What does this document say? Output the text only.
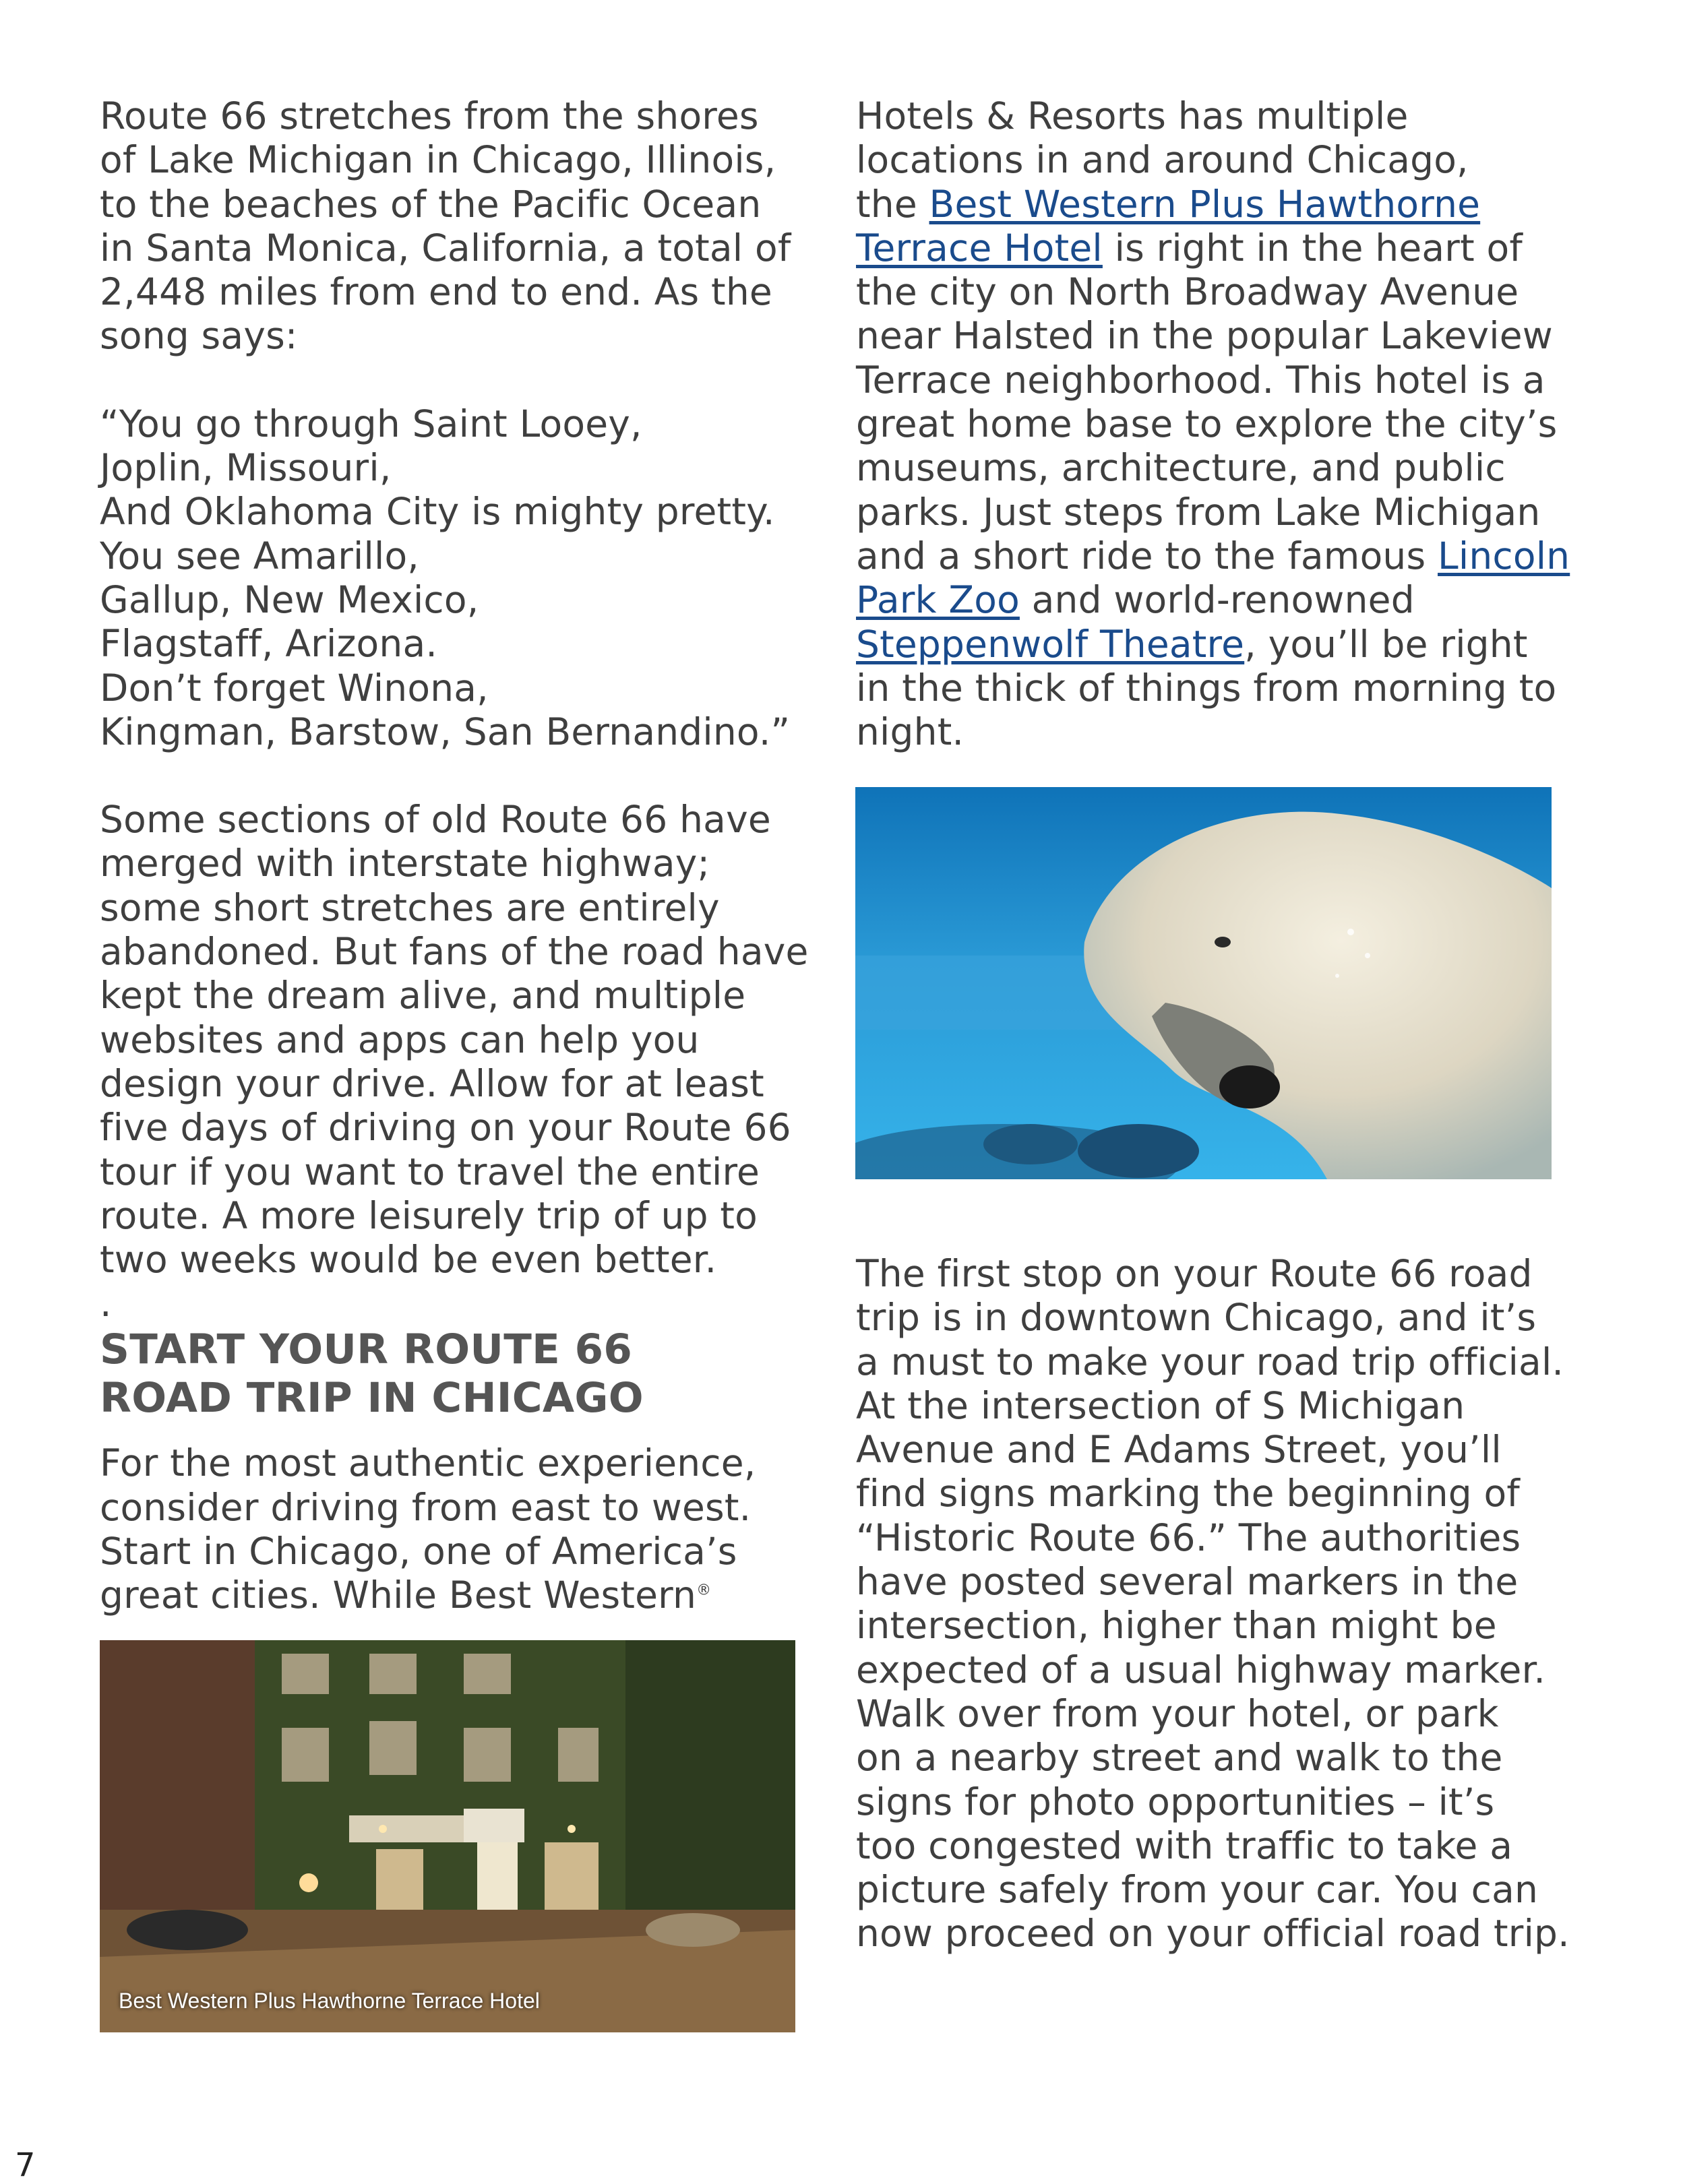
Route 66 stretches from the shores
of Lake Michigan in Chicago, Illinois,
to the beaches of the Pacific Ocean
in Santa Monica, California, a total of
2,448 miles from end to end. As the
song says:

“You go through Saint Looey,
Joplin, Missouri,
And Oklahoma City is mighty pretty.
You see Amarillo,
Gallup, New Mexico,
Flagstaff, Arizona.
Don’t forget Winona,
Kingman, Barstow, San Bernandino.”

Some sections of old Route 66 have
merged with interstate highway;
some short stretches are entirely
abandoned. But fans of the road have
kept the dream alive, and multiple
websites and apps can help you
design your drive. Allow for at least
five days of driving on your Route 66
tour if you want to travel the entire
route. A more leisurely trip of up to
two weeks would be even better.

.

START YOUR ROUTE 66
ROAD TRIP IN CHICAGO

For the most authentic experience,
consider driving from east to west.
Start in Chicago, one of America’s
great cities. While Best Western®

Hotels & Resorts has multiple
locations in and around Chicago,
the Best Western Plus Hawthorne
Terrace Hotel is right in the heart of
the city on North Broadway Avenue
near Halsted in the popular Lakeview
Terrace neighborhood. This hotel is a
great home base to explore the city’s
museums, architecture, and public
parks. Just steps from Lake Michigan
and a short ride to the famous Lincoln
Park Zoo and world-renowned
Steppenwolf Theatre, you’ll be right
in the thick of things from morning to
night.

The first stop on your Route 66 road
trip is in downtown Chicago, and it’s
a must to make your road trip official.
At the intersection of S Michigan
Avenue and E Adams Street, you’ll
find signs marking the beginning of
“Historic Route 66.” The authorities
have posted several markers in the
intersection, higher than might be
expected of a usual highway marker.
Walk over from your hotel, or park
on a nearby street and walk to the
signs for photo opportunities – it’s
too congested with traffic to take a
picture safely from your car. You can
now proceed on your official road trip.

Best Western Plus Hawthorne Terrace Hotel
7
